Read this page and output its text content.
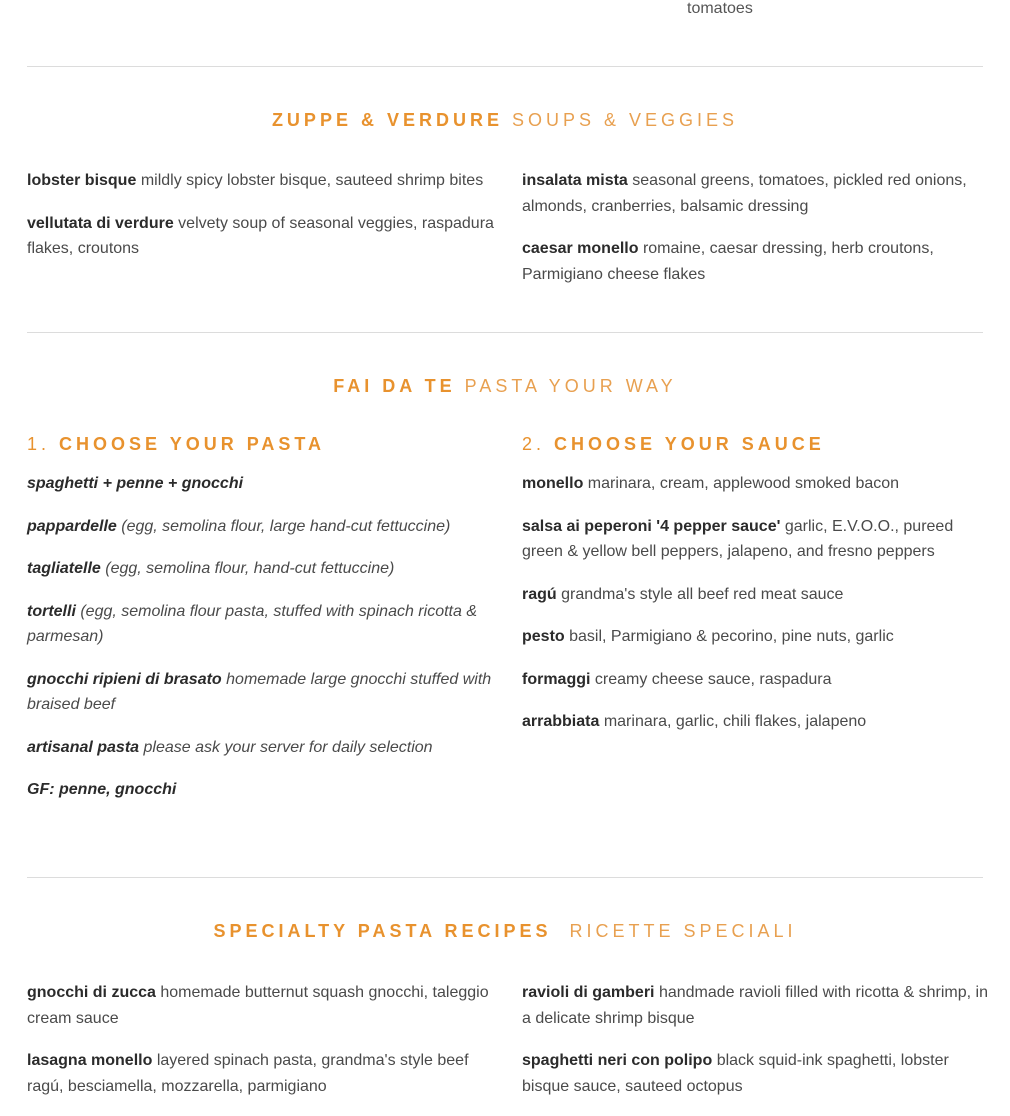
tomatoes
ZUPPE & VERDURE SOUPS & VEGGIES

lobster bisque mildly spicy lobster bisque, sauteed shrimp bites

vellutata di verdure velvety soup of seasonal veggies, raspadura flakes, croutons

insalata mista seasonal greens, tomatoes, pickled red onions, almonds, cranberries, balsamic dressing

caesar monello romaine, caesar dressing, herb croutons, Parmigiano cheese flakes

FAI DA TE PASTA YOUR WAY
1. CHOOSE YOUR PASTA

spaghetti + penne + gnocchi

pappardelle (egg, semolina flour, large hand-cut fettuccine)

tagliatelle (egg, semolina flour, hand-cut fettuccine)

tortelli (egg, semolina flour pasta, stuffed with spinach ricotta & parmesan)

gnocchi ripieni di brasato homemade large gnocchi stuffed with braised beef

artisanal pasta please ask your server for daily selection

GF: penne, gnocchi

2. CHOOSE YOUR SAUCE

monello marinara, cream, applewood smoked bacon

salsa ai peperoni '4 pepper sauce' garlic, E.V.O.O., pureed green & yellow bell peppers, jalapeno, and fresno peppers

ragú grandma's style all beef red meat sauce

pesto basil, Parmigiano & pecorino, pine nuts, garlic

formaggi creamy cheese sauce, raspadura

arrabbiata marinara, garlic, chili flakes, jalapeno

SPECIALTY PASTA RECIPES RICETTE SPECIALI

gnocchi di zucca homemade butternut squash gnocchi, taleggio cream sauce

lasagna monello layered spinach pasta, grandma's style beef ragú, besciamella, mozzarella, parmigiano

ravioli di gamberi handmade ravioli filled with ricotta & shrimp, in a delicate shrimp bisque

spaghetti neri con polipo black squid-ink spaghetti, lobster bisque sauce, sauteed octopus
